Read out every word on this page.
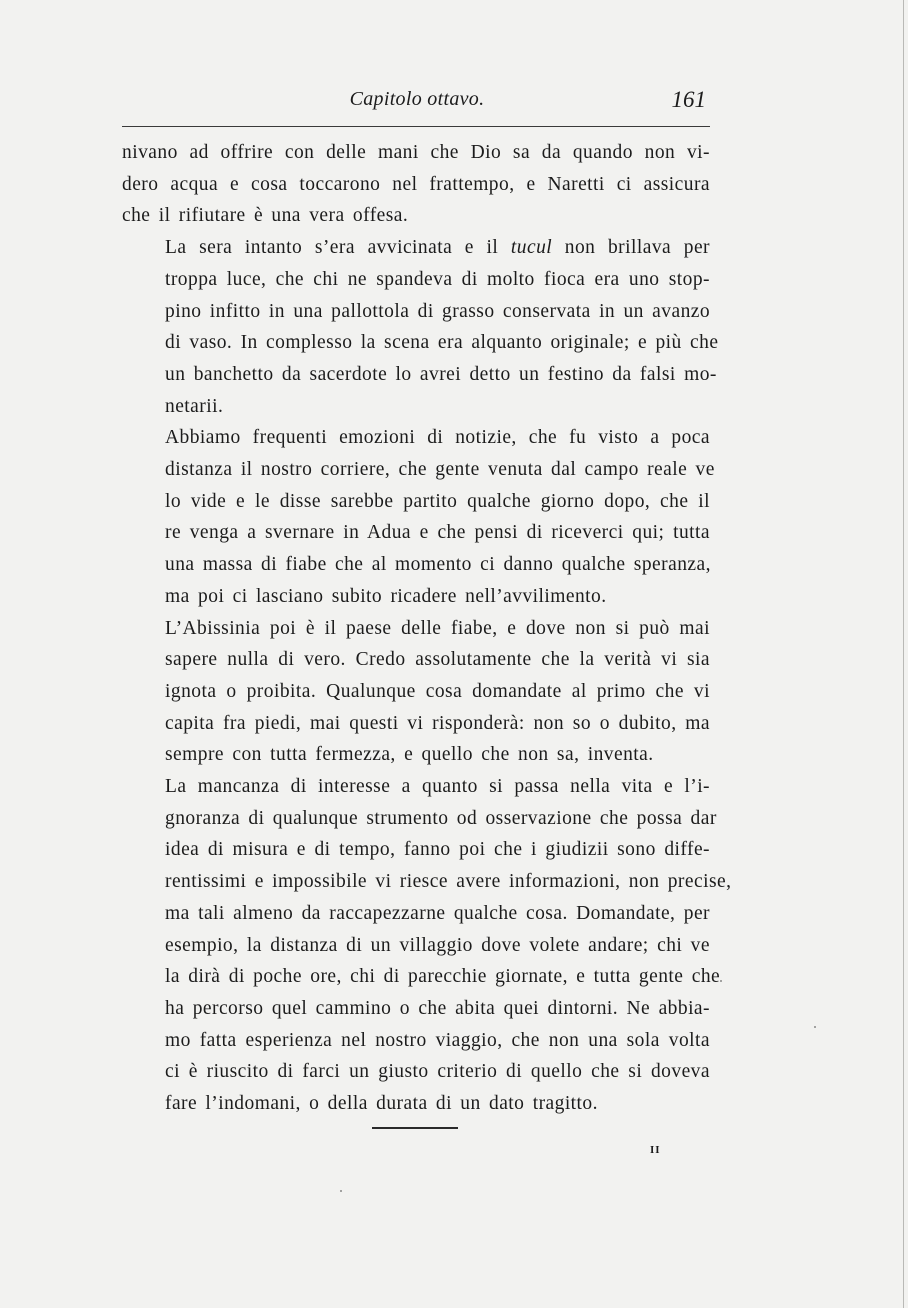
Capitolo ottavo.	161

nivano ad offrire con delle mani che Dio sa da quando non vi-
dero acqua e cosa toccarono nel frattempo, e Naretti ci assicura
che il rifiutare è una vera offesa.

La sera intanto s’era avvicinata e il tucul non brillava per
troppa luce, che chi ne spandeva di molto fioca era uno stop-
pino infitto in una pallottola di grasso conservata in un avanzo
di vaso. In complesso la scena era alquanto originale; e più che
un banchetto da sacerdote lo avrei detto un festino da falsi mo-
netarii.

Abbiamo frequenti emozioni di notizie, che fu visto a poca
distanza il nostro corriere, che gente venuta dal campo reale ve
lo vide e le disse sarebbe partito qualche giorno dopo, che il
re venga a svernare in Adua e che pensi di riceverci qui; tutta
una massa di fiabe che al momento ci danno qualche speranza,
ma poi ci lasciano subito ricadere nell’avvilimento.

L’Abissinia poi è il paese delle fiabe, e dove non si può mai
sapere nulla di vero. Credo assolutamente che la verità vi sia
ignota o proibita. Qualunque cosa domandate al primo che vi
capita fra piedi, mai questi vi risponderà: non so o dubito, ma
sempre con tutta fermezza, e quello che non sa, inventa.

La mancanza di interesse a quanto si passa nella vita e l’i-
gnoranza di qualunque strumento od osservazione che possa dar
idea di misura e di tempo, fanno poi che i giudizii sono diffe-
rentissimi e impossibile vi riesce avere informazioni, non precise,
ma tali almeno da raccapezzarne qualche cosa. Domandate, per
esempio, la distanza di un villaggio dove volete andare; chi ve
la dirà di poche ore, chi di parecchie giornate, e tutta gente che
ha percorso quel cammino o che abita quei dintorni. Ne abbia-
mo fatta esperienza nel nostro viaggio, che non una sola volta
ci è riuscito di farci un giusto criterio di quello che si doveva
fare l’indomani, o della durata di un dato tragitto.

II
